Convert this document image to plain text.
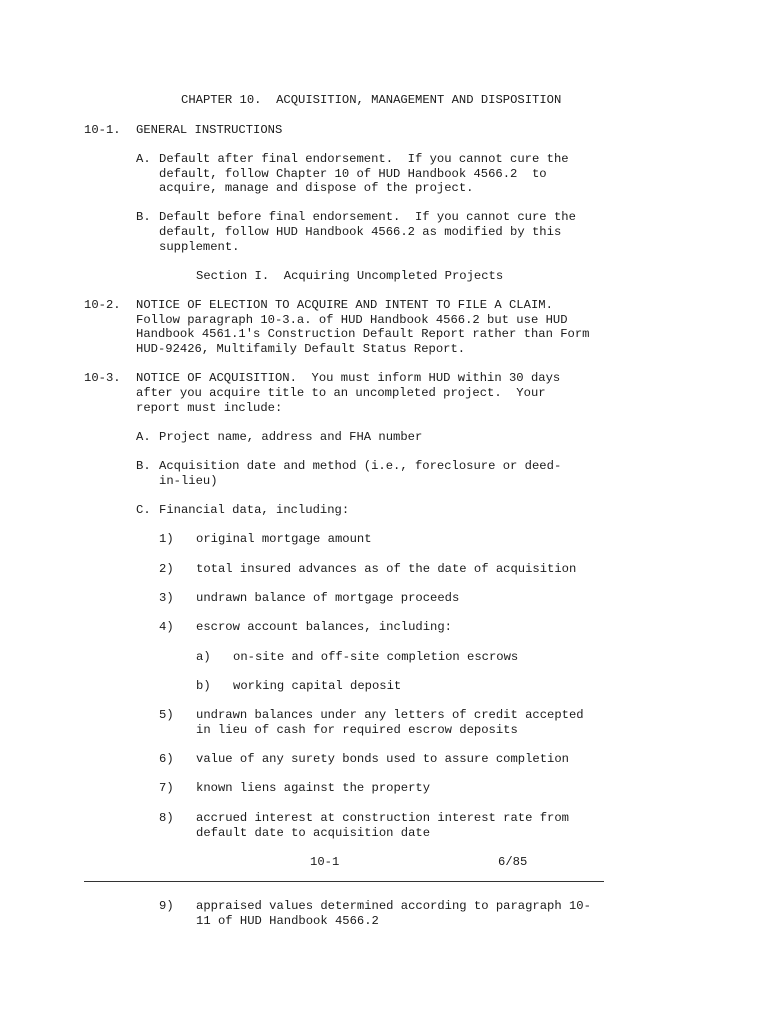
CHAPTER 10.  ACQUISITION, MANAGEMENT AND DISPOSITION
10-1. GENERAL INSTRUCTIONS
A. Default after final endorsement.  If you cannot cure the
default, follow Chapter 10 of HUD Handbook 4566.2  to
acquire, manage and dispose of the project.
B. Default before final endorsement.  If you cannot cure the
default, follow HUD Handbook 4566.2 as modified by this
supplement.
Section I.  Acquiring Uncompleted Projects
10-2. NOTICE OF ELECTION TO ACQUIRE AND INTENT TO FILE A CLAIM.
Follow paragraph 10-3.a. of HUD Handbook 4566.2 but use HUD
Handbook 4561.1's Construction Default Report rather than Form
HUD-92426, Multifamily Default Status Report.
10-3. NOTICE OF ACQUISITION.  You must inform HUD within 30 days
after you acquire title to an uncompleted project.  Your
report must include:
A. Project name, address and FHA number
B. Acquisition date and method (i.e., foreclosure or deed-
in-lieu)
C. Financial data, including:
1) original mortgage amount
2) total insured advances as of the date of acquisition
3) undrawn balance of mortgage proceeds
4) escrow account balances, including:
a) on-site and off-site completion escrows
b) working capital deposit
5) undrawn balances under any letters of credit accepted
in lieu of cash for required escrow deposits
6) value of any surety bonds used to assure completion
7) known liens against the property
8) accrued interest at construction interest rate from
default date to acquisition date
10-1	6/85
9) appraised values determined according to paragraph 10-
11 of HUD Handbook 4566.2
